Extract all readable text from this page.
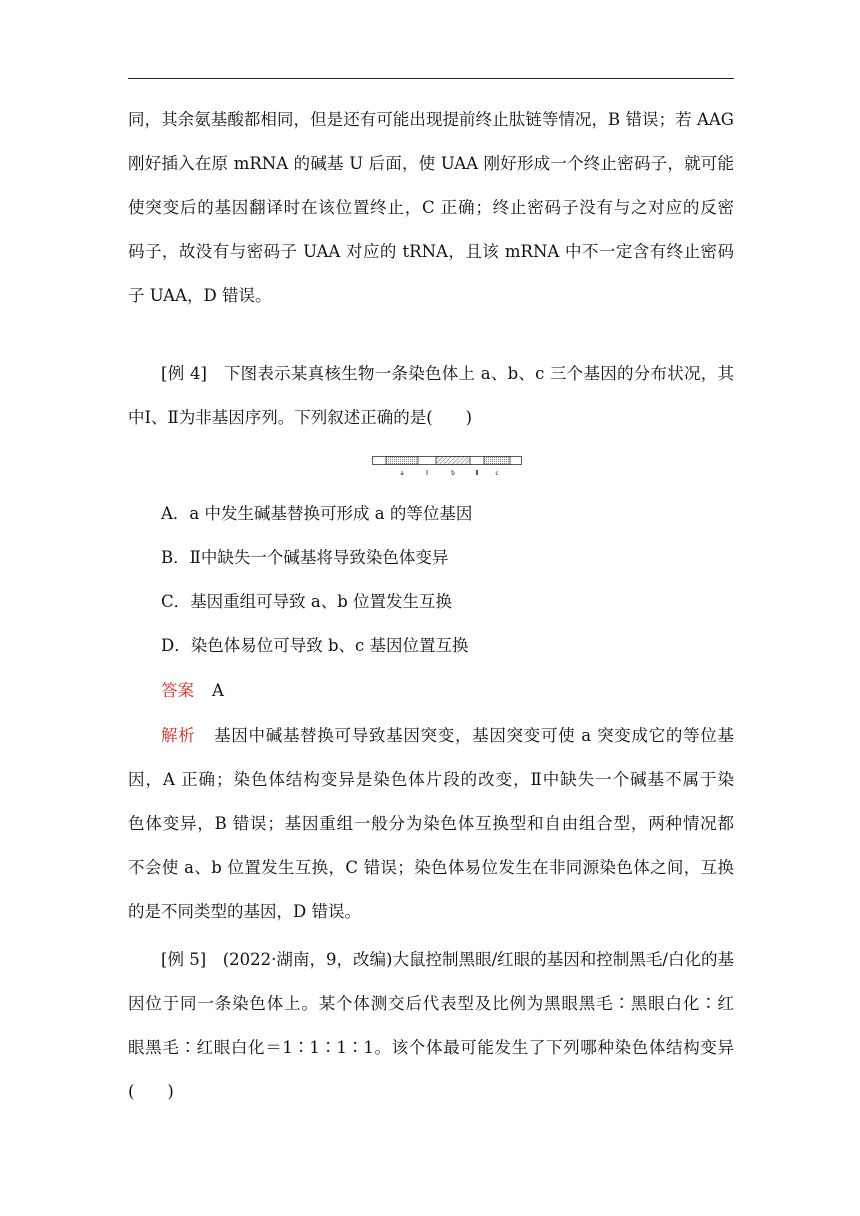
同，其余氨基酸都相同，但是还有可能出现提前终止肽链等情况，B 错误；若 AAG
刚好插入在原 mRNA 的碱基 U 后面，使 UAA 刚好形成一个终止密码子，就可能
使突变后的基因翻译时在该位置终止，C 正确；终止密码子没有与之对应的反密
码子，故没有与密码子 UAA 对应的 tRNA，且该 mRNA 中不一定含有终止密码
子 UAA，D 错误。
[例 4]　下图表示某真核生物一条染色体上 a、b、c 三个基因的分布状况，其
中Ⅰ、Ⅱ为非基因序列。下列叙述正确的是(　　)
a	Ⅰ	b	Ⅱ c
A．a 中发生碱基替换可形成 a 的等位基因
B．Ⅱ中缺失一个碱基将导致染色体变异
C．基因重组可导致 a、b 位置发生互换
D．染色体易位可导致 b、c 基因位置互换
答案 A
解析 基因中碱基替换可导致基因突变，基因突变可使 a 突变成它的等位基
因，A 正确；染色体结构变异是染色体片段的改变，Ⅱ中缺失一个碱基不属于染
色体变异，B 错误；基因重组一般分为染色体互换型和自由组合型，两种情况都
不会使 a、b 位置发生互换，C 错误；染色体易位发生在非同源染色体之间，互换
的是不同类型的基因，D 错误。
[例 5]　(2022·湖南，9，改编)大鼠控制黑眼/红眼的基因和控制黑毛/白化的基
因位于同一条染色体上。某个体测交后代表型及比例为黑眼黑毛∶黑眼白化∶红
眼黑毛∶红眼白化＝1∶1∶1∶1。该个体最可能发生了下列哪种染色体结构变异
(　　)
